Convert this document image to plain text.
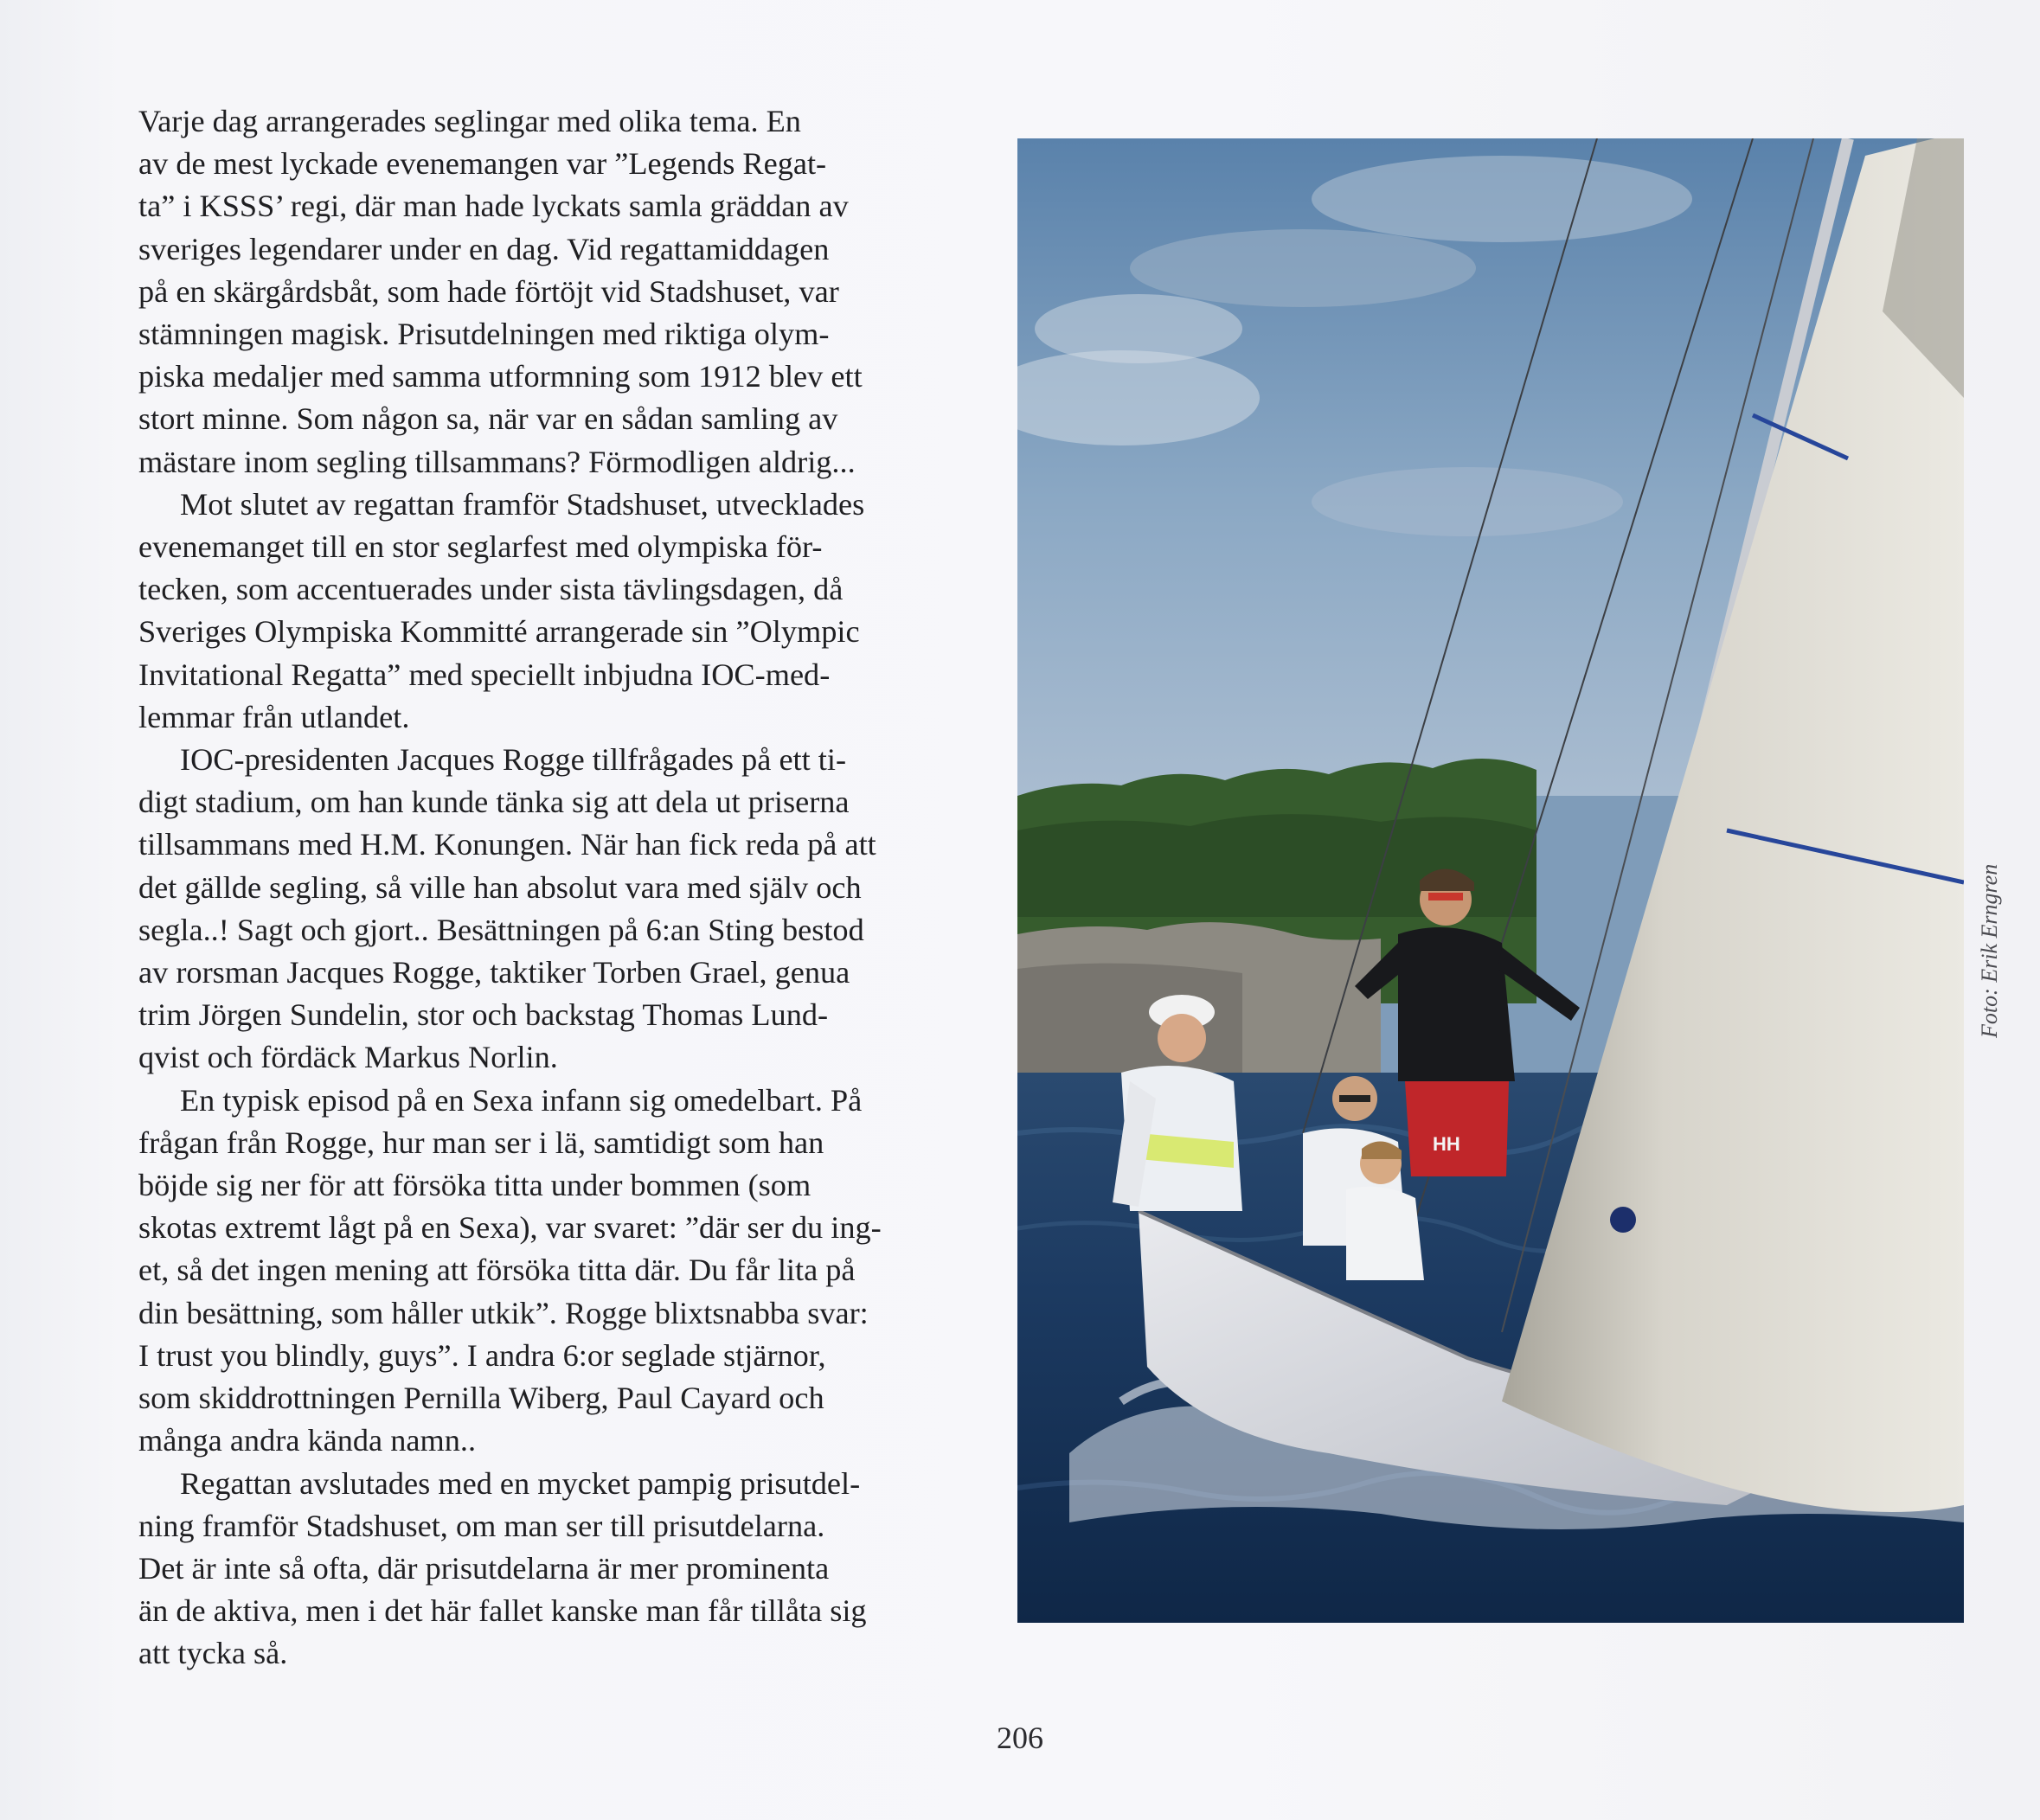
Varje dag arrangerades seglingar med olika tema. En
av de mest lyckade evenemangen var ”Legends Regat-
ta” i KSSS’ regi, där man hade lyckats samla gräddan av
sveriges legendarer under en dag. Vid regattamiddagen
på en skärgårdsbåt, som hade förtöjt vid Stadshuset, var
stämningen magisk. Prisutdelningen med riktiga olym-
piska medaljer med samma utformning som 1912 blev ett
stort minne. Som någon sa, när var en sådan samling av
mästare inom segling tillsammans? Förmodligen aldrig...

Mot slutet av regattan framför Stadshuset, utvecklades
evenemanget till en stor seglarfest med olympiska för-
tecken, som accentuerades under sista tävlingsdagen, då
Sveriges Olympiska Kommitté arrangerade sin ”Olympic
Invitational Regatta” med speciellt inbjudna IOC-med-
lemmar från utlandet.

IOC-presidenten Jacques Rogge tillfrågades på ett ti-
digt stadium, om han kunde tänka sig att dela ut priserna
tillsammans med H.M. Konungen. När han fick reda på att
det gällde segling, så ville han absolut vara med själv och
segla..! Sagt och gjort.. Besättningen på 6:an Sting bestod
av rorsman Jacques Rogge, taktiker Torben Grael, genua
trim Jörgen Sundelin, stor och backstag Thomas Lund-
qvist och fördäck Markus Norlin.

En typisk episod på en Sexa infann sig omedelbart. På
frågan från Rogge, hur man ser i lä, samtidigt som han
böjde sig ner för att försöka titta under bommen (som
skotas extremt lågt på en Sexa), var svaret: ”där ser du ing-
et, så det ingen mening att försöka titta där. Du får lita på
din besättning, som håller utkik”. Rogge blixtsnabba svar:
I trust you blindly, guys”. I andra 6:or seglade stjärnor,
som skiddrottningen Pernilla Wiberg, Paul Cayard och
många andra kända namn..

Regattan avslutades med en mycket pampig prisutdel-
ning framför Stadshuset, om man ser till prisutdelarna.
Det är inte så ofta, där prisutdelarna är mer prominenta
än de aktiva, men i det här fallet kanske man får tillåta sig
att tycka så.

HH
Foto: Erik Erngren
206
